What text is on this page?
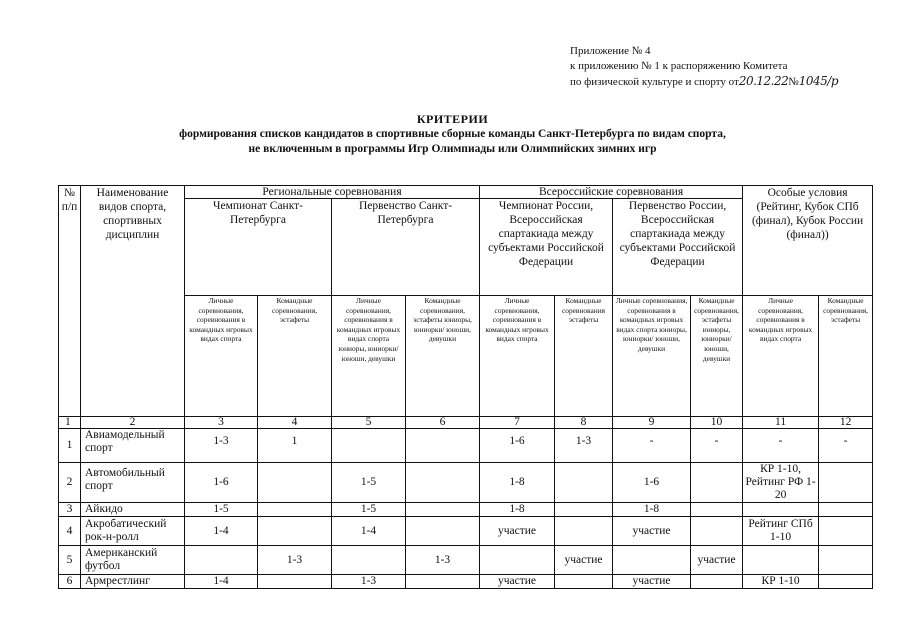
Приложение № 4
к приложению № 1 к распоряжению Комитета
по физической культуре и спорту от20.12.22№1045/р
КРИТЕРИИ
формирования списков кандидатов в спортивные сборные команды Санкт-Петербурга по видам спорта,
не включенным в программы Игр Олимпиады или Олимпийских зимних игр
№ п/п	Наименование видов спорта, спортивных дисциплин	Региональные соревнования				Всероссийские соревнования				Особые условия (Рейтинг, Кубок СПб (финал), Кубок России (финал))	
		Чемпионат Санкт-Петербурга		Первенство Санкт-Петербурга		Чемпионат России, Всероссийская спартакиада между субъектами Российской Федерации		Первенство России, Всероссийская спартакиада между субъектами Российской Федерации			
		Личные соревнования, соревнования в командных игровых видах спорта	Командные соревнования, эстафеты	Личные соревнования, соревнования в командных игровых видах спорта юниоры, юниорки/ юноши, девушки	Командные соревнования, эстафеты юниоры, юниорки/ юноши, девушки	Личные соревнования, соревнования в командных игровых видах спорта	Командные соревнования эстафеты	Личные соревнования, соревнования в командных игровых видах спорта юниоры, юниорки/ юноши, девушки	Командные соревнования, эстафеты юниоры, юниорки/ юноши, девушки	Личные соревнования, соревнования в командных игровых видах спорта	Командные соревнования, эстафеты
1	2	3	4	5	6	7	8	9	10	11	12
1	Авиамодельный спорт	1-3	1			1-6	1-3	-	-	-	-
2	Автомобильный спорт	1-6		1-5		1-8		1-6		КР 1-10, Рейтинг РФ 1-20	
3	Айкидо	1-5		1-5		1-8		1-8			
4	Акробатический рок-н-ролл	1-4		1-4		участие		участие		Рейтинг СПб 1-10	
5	Американский футбол		1-3		1-3		участие		участие		
6	Армрестлинг	1-4		1-3		участие		участие		КР 1-10	
